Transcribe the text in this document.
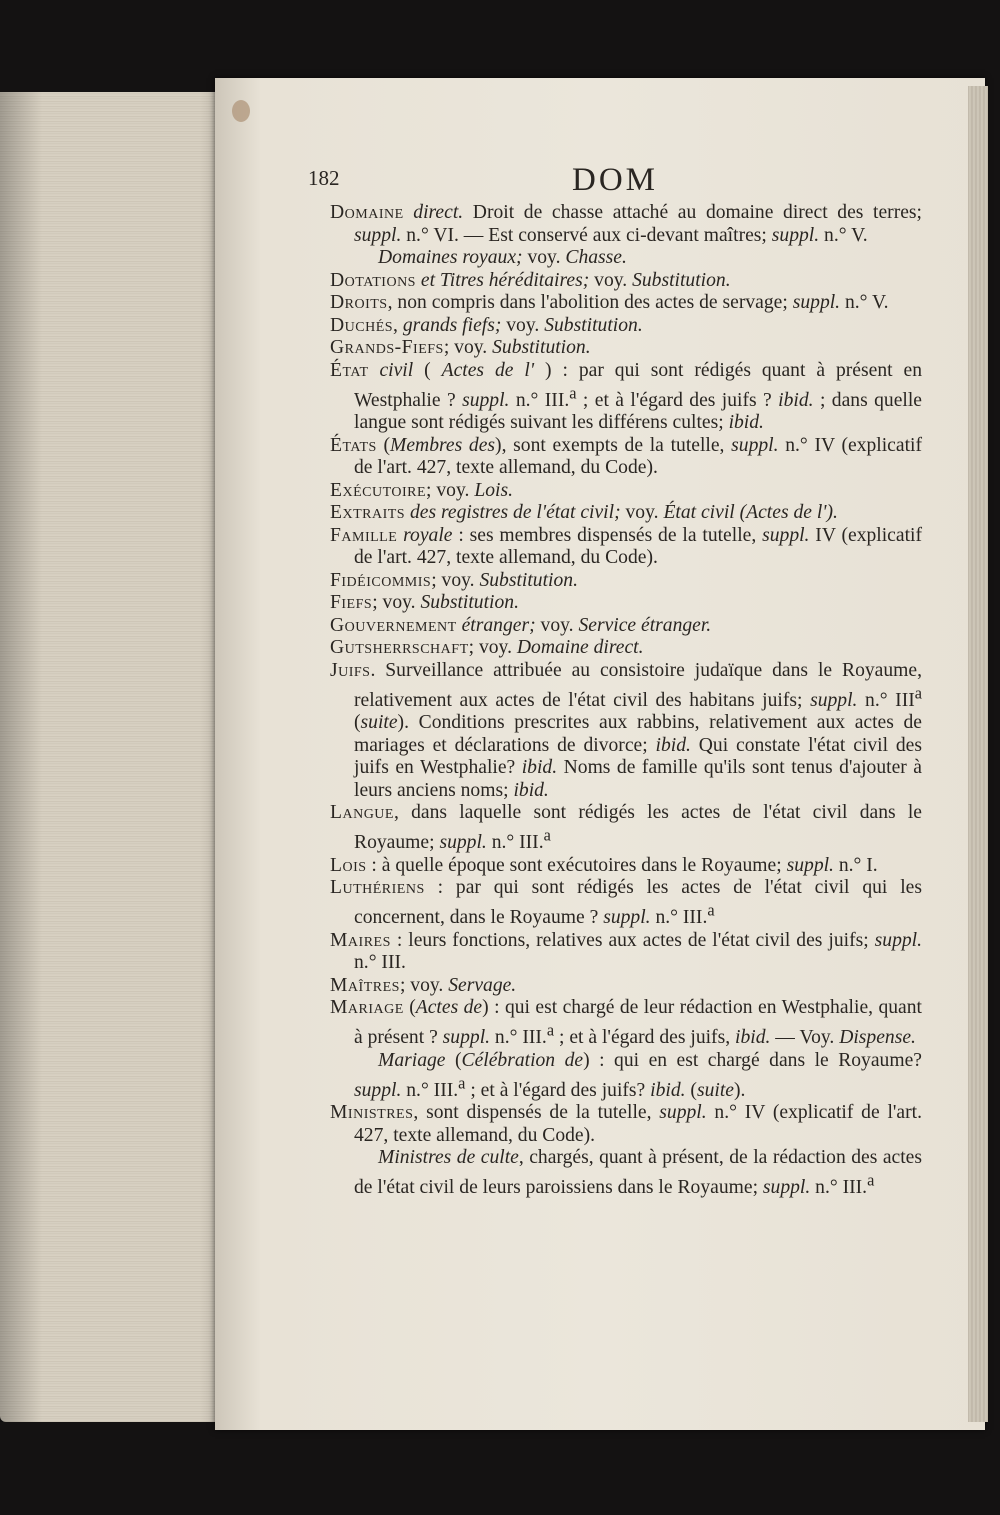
182	DOM

Domaine direct. Droit de chasse attaché au domaine direct des terres; suppl. n.° VI. — Est conservé aux ci-devant maîtres; suppl. n.° V.

Domaines royaux; voy. Chasse.

Dotations et Titres héréditaires; voy. Substitution.

Droits, non compris dans l'abolition des actes de servage; suppl. n.° V.

Duchés, grands fiefs; voy. Substitution.

Grands-Fiefs; voy. Substitution.

État civil ( Actes de l' ) : par qui sont rédigés quant à présent en Westphalie ? suppl. n.° III.$^a$ ; et à l'égard des juifs ? ibid. ; dans quelle langue sont rédigés suivant les différens cultes; ibid.

États (Membres des), sont exempts de la tutelle, suppl. n.° IV (explicatif de l'art. 427, texte allemand, du Code).

Exécutoire; voy. Lois.

Extraits des registres de l'état civil; voy. État civil (Actes de l').

Famille royale : ses membres dispensés de la tutelle, suppl. IV (explicatif de l'art. 427, texte allemand, du Code).

Fidéicommis; voy. Substitution.

Fiefs; voy. Substitution.

Gouvernement étranger; voy. Service étranger.

Gutsherrschaft; voy. Domaine direct.

Juifs. Surveillance attribuée au consistoire judaïque dans le Royaume, relativement aux actes de l'état civil des habitans juifs; suppl. n.° III$^a$ (suite). Conditions prescrites aux rabbins, relativement aux actes de mariages et déclarations de divorce; ibid. Qui constate l'état civil des juifs en Westphalie? ibid. Noms de famille qu'ils sont tenus d'ajouter à leurs anciens noms; ibid.

Langue, dans laquelle sont rédigés les actes de l'état civil dans le Royaume; suppl. n.° III.$^a$

Lois : à quelle époque sont exécutoires dans le Royaume; suppl. n.° I.

Luthériens : par qui sont rédigés les actes de l'état civil qui les concernent, dans le Royaume ? suppl. n.° III.$^a$

Maires : leurs fonctions, relatives aux actes de l'état civil des juifs; suppl. n.° III.

Maîtres; voy. Servage.

Mariage (Actes de) : qui est chargé de leur rédaction en Westphalie, quant à présent ? suppl. n.° III.$^a$ ; et à l'égard des juifs, ibid. — Voy. Dispense.

Mariage (Célébration de) : qui en est chargé dans le Royaume? suppl. n.° III.$^a$ ; et à l'égard des juifs? ibid. (suite).

Ministres, sont dispensés de la tutelle, suppl. n.° IV (explicatif de l'art. 427, texte allemand, du Code).

Ministres de culte, chargés, quant à présent, de la rédaction des actes de l'état civil de leurs paroissiens dans le Royaume; suppl. n.° III.$^a$
